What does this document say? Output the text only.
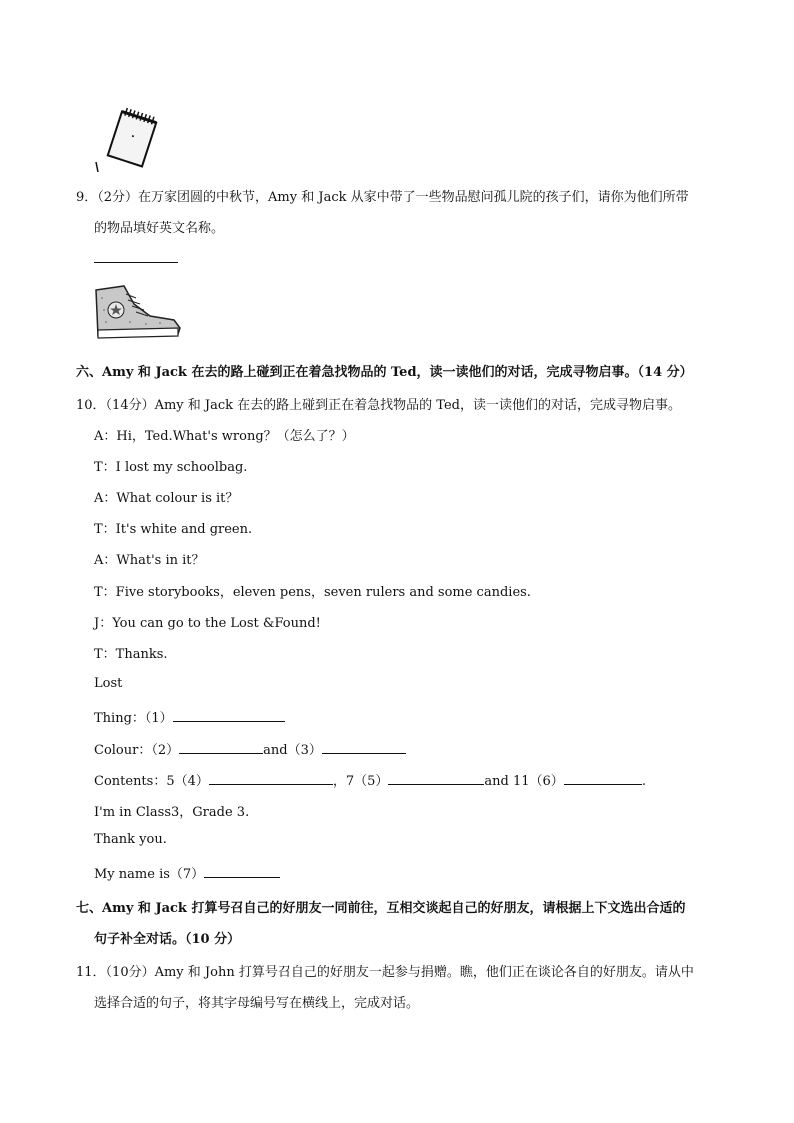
9．（2分）在万家团圆的中秋节，Amy 和 Jack 从家中带了一些物品慰问孤儿院的孩子们，请你为他们所带
的物品填好英文名称。
六、Amy 和 Jack 在去的路上碰到正在着急找物品的 Ted，读一读他们的对话，完成寻物启事。（14 分）
10．（14分）Amy 和 Jack 在去的路上碰到正在着急找物品的 Ted，读一读他们的对话，完成寻物启事。
A：Hi，Ted.What's wrong？（怎么了？）
T：I lost my schoolbag.
A：What colour is it？
T：It's white and green.
A：What's in it？
T：Five storybooks，eleven pens，seven rulers and some candies.
J：You can go to the Lost &Found!
T：Thanks.
Lost
Thing：（1）
Colour：（2）	and（3）
Contents：5（4）	，7（5）	and 11（6）	.
I'm in Class3，Grade 3.
Thank you.
My name is（7）
七、Amy 和 Jack 打算号召自己的好朋友一同前往，互相交谈起自己的好朋友，请根据上下文选出合适的
句子补全对话。（10 分）
11．（10分）Amy 和 John 打算号召自己的好朋友一起参与捐赠。瞧，他们正在谈论各自的好朋友。请从中
选择合适的句子，将其字母编号写在横线上，完成对话。
